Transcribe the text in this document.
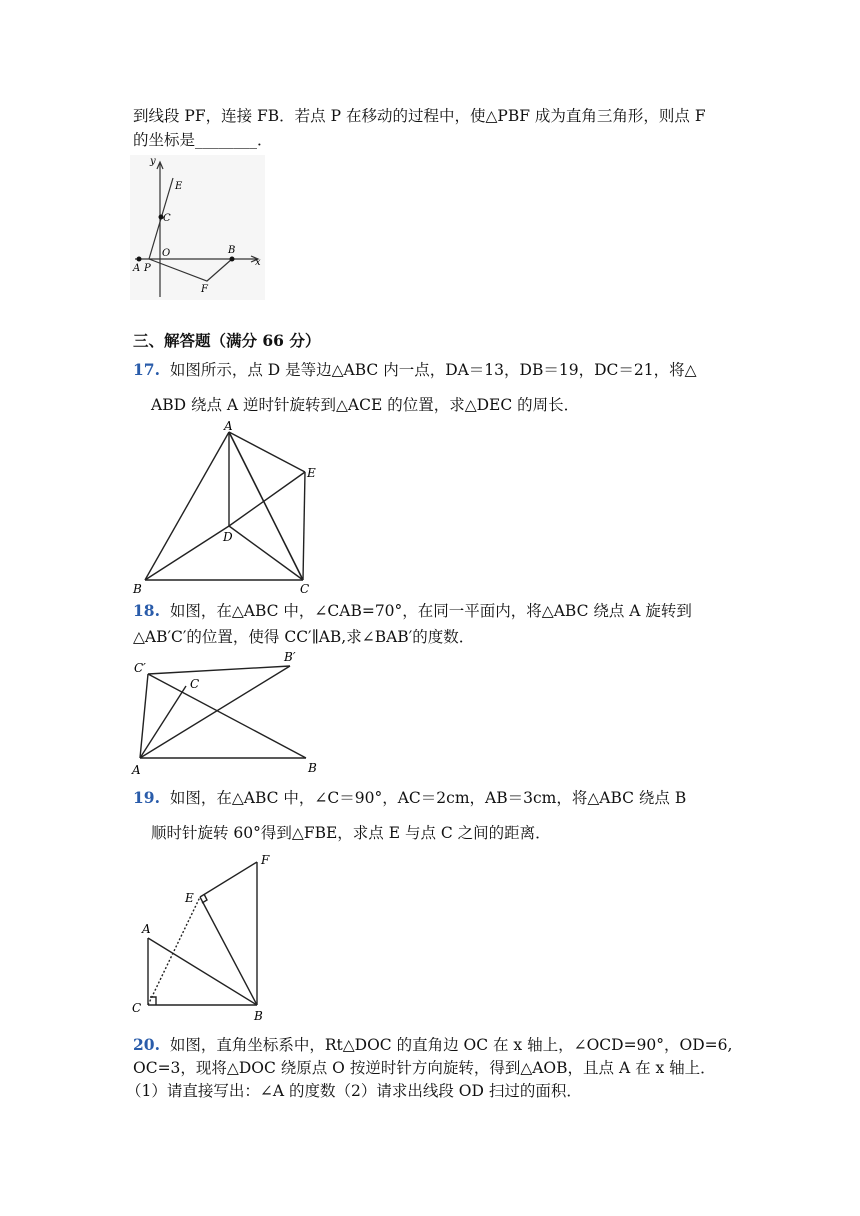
到线段 PF，连接 FB．若点 P 在移动的过程中，使△PBF 成为直角三角形，则点 F
的坐标是________．
y
x
E
C
O	B
A P
F
三、解答题（满分 66 分）
17. 如图所示，点 D 是等边△ABC 内一点，DA＝13，DB＝19，DC＝21，将△
ABD 绕点 A 逆时针旋转到△ACE 的位置，求△DEC 的周长．
A
E
D
B	C
18. 如图，在△ABC 中，∠CAB=70°，在同一平面内，将△ABC 绕点 A 旋转到
△AB′C′的位置，使得 CC′∥AB,求∠BAB′的度数．
C′
C
B′
A	B
19. 如图，在△ABC 中，∠C＝90°，AC＝2cm，AB＝3cm，将△ABC 绕点 B
顺时针旋转 60°得到△FBE，求点 E 与点 C 之间的距离．
F
E
A
C
B
20. 如图，直角坐标系中，Rt△DOC 的直角边 OC 在 x 轴上，∠OCD=90°，OD=6,
OC=3，现将△DOC 绕原点 O 按逆时针方向旋转，得到△AOB，且点 A 在 x 轴上．
（1）请直接写出：∠A 的度数（2）请求出线段 OD 扫过的面积．
